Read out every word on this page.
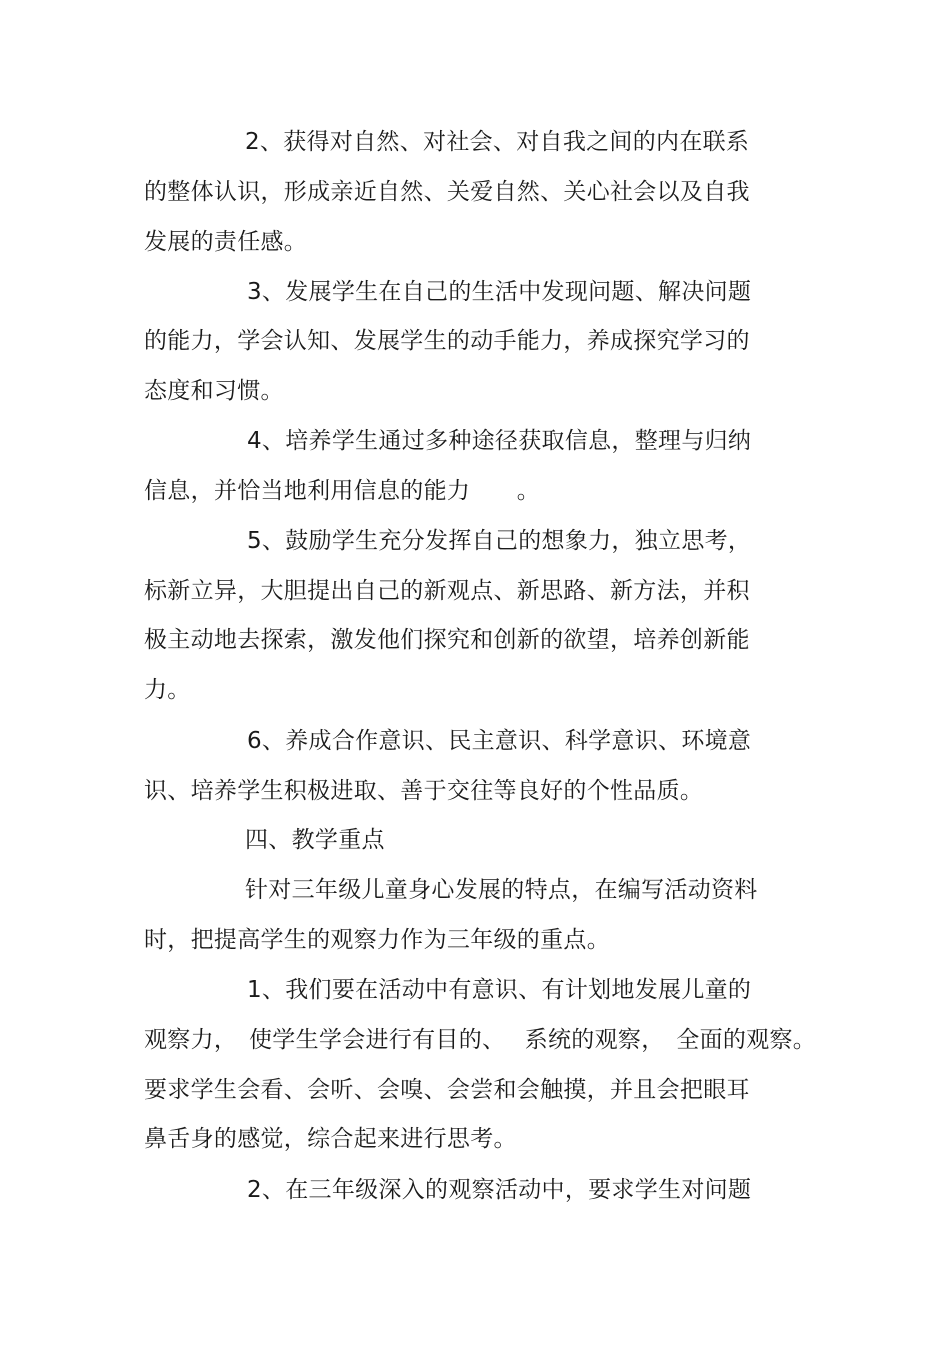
2、获得对自然、对社会、对自我之间的内在联系
的整体认识，形成亲近自然、关爱自然、关心社会以及自我
发展的责任感。
3、发展学生在自己的生活中发现问题、解决问题
的能力，学会认知、发展学生的动手能力，养成探究学习的
态度和习惯。
4、培养学生通过多种途径获取信息，整理与归纳
信息，并恰当地利用信息的能力　　。
5、鼓励学生充分发挥自己的想象力，独立思考，
标新立异，大胆提出自己的新观点、新思路、新方法，并积
极主动地去探索，激发他们探究和创新的欲望，培养创新能
力。
6、养成合作意识、民主意识、科学意识、环境意
识、培养学生积极进取、善于交往等良好的个性品质。
四、教学重点
针对三年级儿童身心发展的特点，在编写活动资料
时，把提高学生的观察力作为三年级的重点。
1、我们要在活动中有意识、有计划地发展儿童的
观察力，　使学生学会进行有目的、　 系统的观察，　全面的观察。
要求学生会看、会听、会嗅、会尝和会触摸，并且会把眼耳
鼻舌身的感觉，综合起来进行思考。
2、在三年级深入的观察活动中，要求学生对问题
